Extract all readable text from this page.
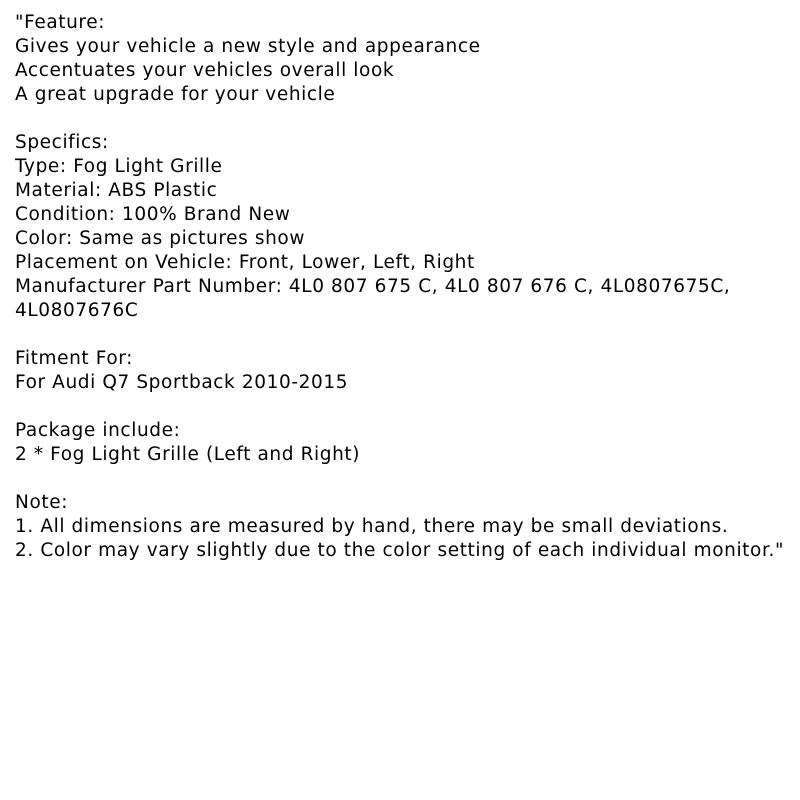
"Feature:
Gives your vehicle a new style and appearance
Accentuates your vehicles overall look
A great upgrade for your vehicle
Specifics:
Type: Fog Light Grille
Material: ABS Plastic
Condition: 100% Brand New
Color: Same as pictures show
Placement on Vehicle: Front, Lower, Left, Right
Manufacturer Part Number: 4L0 807 675 C, 4L0 807 676 C, 4L0807675C, 4L0807676C
Fitment For:
For Audi Q7 Sportback 2010-2015
Package include:
2 * Fog Light Grille (Left and Right)
Note:
1. All dimensions are measured by hand, there may be small deviations.
2. Color may vary slightly due to the color setting of each individual monitor."
